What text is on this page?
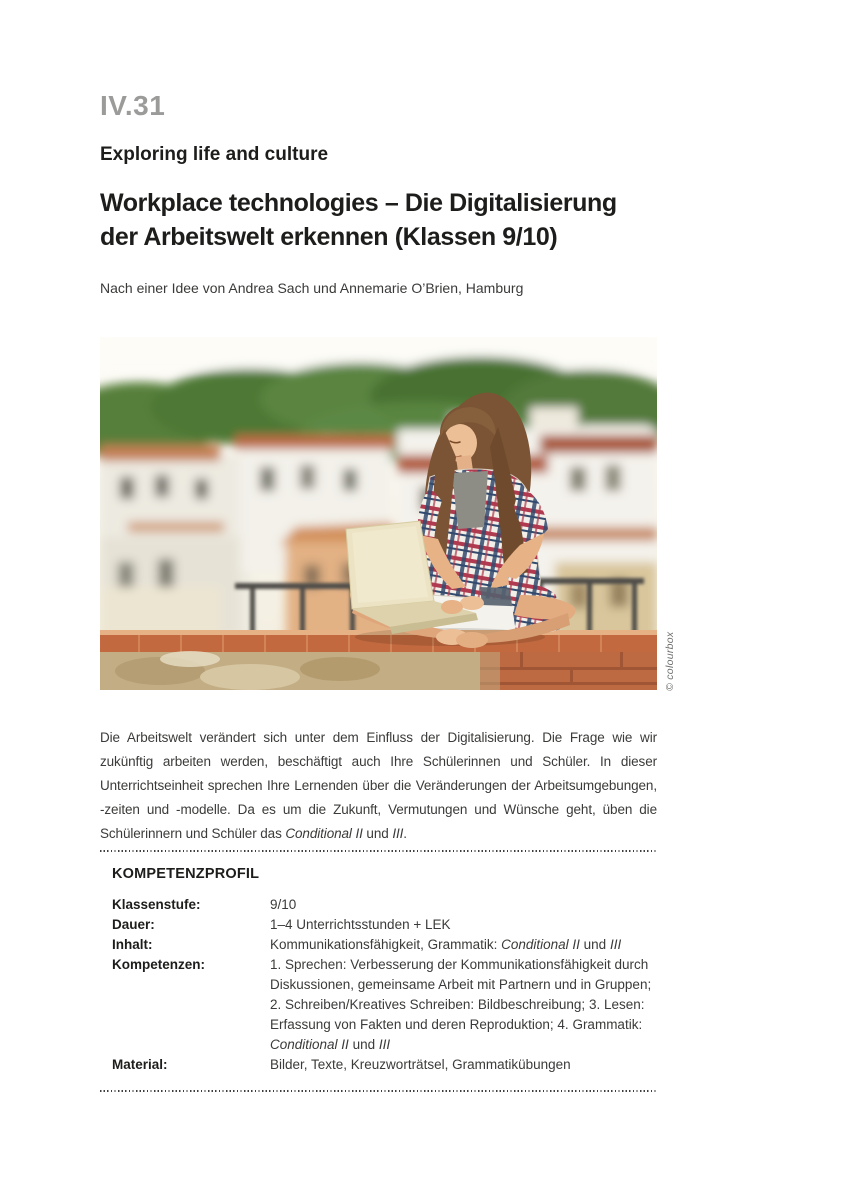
IV.31
Exploring life and culture
Workplace technologies – Die Digitalisierung
der Arbeitswelt erkennen (Klassen 9/10)
Nach einer Idee von Andrea Sach und Annemarie O’Brien, Hamburg
© colourbox

Die Arbeitswelt verändert sich unter dem Einfluss der Digitalisierung. Die Frage wie wir zukünftig arbeiten werden, beschäftigt auch Ihre Schülerinnen und Schüler. In dieser Unterrichtseinheit sprechen Ihre Lernenden über die Veränderungen der Arbeitsumgebungen, -zeiten und -modelle. Da es um die Zukunft, Vermutungen und Wünsche geht, üben die Schülerinnern und Schüler das Conditional II und III.

KOMPETENZPROFIL
Klassenstufe:	9/10
Dauer:	1–4 Unterrichtsstunden + LEK
Inhalt:	Kommunikationsfähigkeit, Grammatik: Conditional II und III
Kompetenzen:	1. Sprechen: Verbesserung der Kommunikationsfähigkeit durch Diskussionen, gemeinsame Arbeit mit Partnern und in Gruppen; 2. Schreiben/Kreatives Schreiben: Bildbeschreibung; 3. Lesen: Erfassung von Fakten und deren Reproduktion; 4. Grammatik: Conditional II und III
Material:	Bilder, Texte, Kreuzworträtsel, Grammatikübungen
